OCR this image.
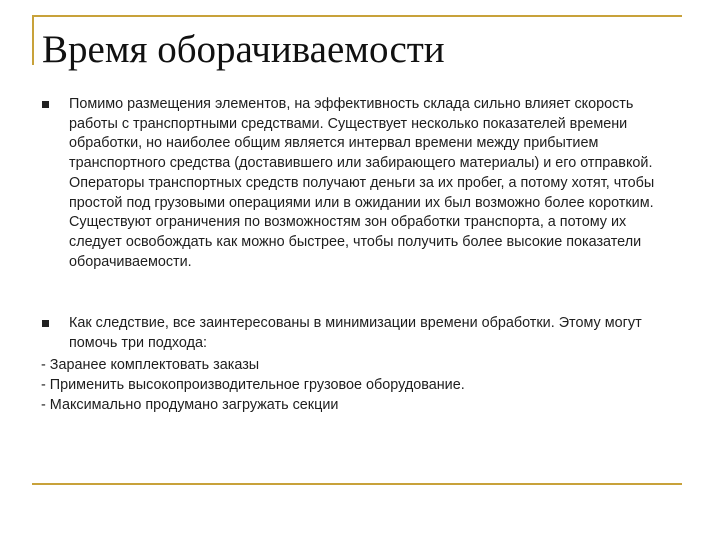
Время оборачиваемости

Помимо размещения элементов, на эффективность склада сильно влияет скорость работы с транспортными средствами. Существует несколько показателей времени обработки, но наиболее общим является интервал времени между прибытием транспортного средства (доставившего или забирающего материалы) и его отправкой. Операторы транспортных средств получают деньги за их пробег, а потому хотят, чтобы простой под грузовыми операциями или в ожидании их был возможно более коротким. Существуют ограничения по возможностям зон обработки транспорта, а потому их следует освобождать как можно быстрее, чтобы получить более высокие показатели оборачиваемости.

Как следствие, все заинтересованы в минимизации времени обработки. Этому могут помочь три подхода:

- Заранее комплектовать заказы
- Применить высокопроизводительное грузовое оборудование.
- Максимально продумано загружать секции
